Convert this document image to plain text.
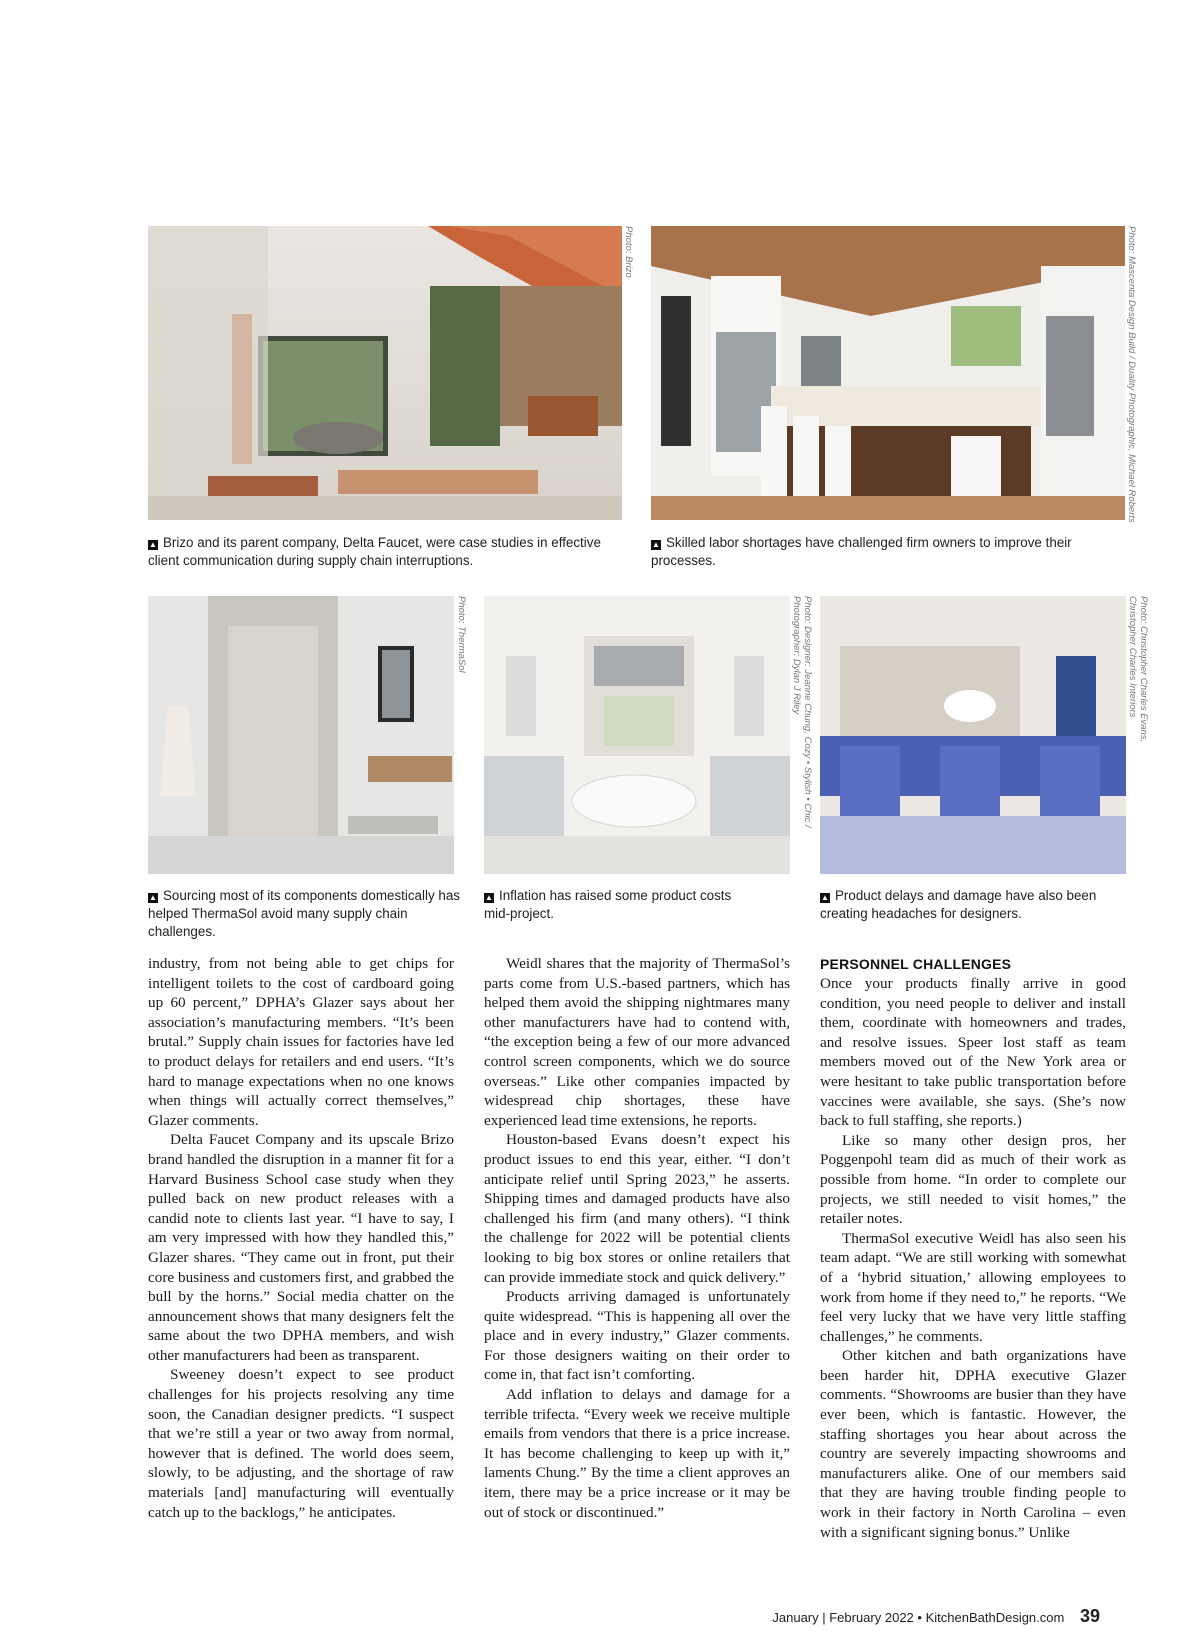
Photo: Brizo	Photo: Mascenta Design Build / Duality Photographic, Michael Roberts
▲ Brizo and its parent company, Delta Faucet, were case studies in effective client communication during supply chain interruptions.
▲ Skilled labor shortages have challenged firm owners to improve their processes.
Photo: ThermaSol	Photo: Designer: Jeanne Chung, Cozy • Stylish • Chic /
Photographer: Dylan J Riley	Photo: Christopher Charles Evans,
Christopher Charles Interiors
▲ Sourcing most of its components domestically has helped ThermaSol avoid many supply chain challenges.
▲ Inflation has raised some product costs mid-project.
▲ Product delays and damage have also been creating headaches for designers.

industry, from not being able to get chips for intelligent toilets to the cost of cardboard going up 60 percent,” DPHA’s Glazer says about her association’s manufacturing members. “It’s been brutal.” Supply chain issues for factories have led to product delays for retailers and end users. “It’s hard to manage expectations when no one knows when things will actually correct themselves,” Glazer comments.

Delta Faucet Company and its upscale Brizo brand handled the disruption in a manner fit for a Harvard Business School case study when they pulled back on new product releases with a candid note to clients last year. “I have to say, I am very impressed with how they handled this,” Glazer shares. “They came out in front, put their core business and customers first, and grabbed the bull by the horns.” Social media chatter on the announcement shows that many designers felt the same about the two DPHA members, and wish other manufacturers had been as transparent.

Sweeney doesn’t expect to see product challenges for his projects resolving any time soon, the Canadian designer predicts. “I suspect that we’re still a year or two away from normal, however that is defined. The world does seem, slowly, to be adjusting, and the shortage of raw materials [and] manufacturing will eventually catch up to the backlogs,” he anticipates.

Weidl shares that the majority of ThermaSol’s parts come from U.S.-based partners, which has helped them avoid the shipping nightmares many other manufacturers have had to contend with, “the exception being a few of our more advanced control screen components, which we do source overseas.” Like other companies impacted by widespread chip shortages, these have experienced lead time extensions, he reports.

Houston-based Evans doesn’t expect his product issues to end this year, either. “I don’t anticipate relief until Spring 2023,” he asserts. Shipping times and damaged products have also challenged his firm (and many others). “I think the challenge for 2022 will be potential clients looking to big box stores or online retailers that can provide immediate stock and quick delivery.”

Products arriving damaged is unfortunately quite widespread. “This is happening all over the place and in every industry,” Glazer comments. For those designers waiting on their order to come in, that fact isn’t comforting.

Add inflation to delays and damage for a terrible trifecta. “Every week we receive multiple emails from vendors that there is a price increase. It has become challenging to keep up with it,” laments Chung.” By the time a client approves an item, there may be a price increase or it may be out of stock or discontinued.”

PERSONNEL CHALLENGES

Once your products finally arrive in good condition, you need people to deliver and install them, coordinate with homeowners and trades, and resolve issues. Speer lost staff as team members moved out of the New York area or were hesitant to take public transportation before vaccines were available, she says. (She’s now back to full staffing, she reports.)

Like so many other design pros, her Poggenpohl team did as much of their work as possible from home. “In order to complete our projects, we still needed to visit homes,” the retailer notes.

ThermaSol executive Weidl has also seen his team adapt. “We are still working with somewhat of a ‘hybrid situation,’ allowing employees to work from home if they need to,” he reports. “We feel very lucky that we have very little staffing challenges,” he comments.

Other kitchen and bath organizations have been harder hit, DPHA executive Glazer comments. “Showrooms are busier than they have ever been, which is fantastic. However, the staffing shortages you hear about across the country are severely impacting showrooms and manufacturers alike. One of our members said that they are having trouble finding people to work in their factory in North Carolina – even with a significant signing bonus.” Unlike

January | February 2022 • KitchenBathDesign.com 39
